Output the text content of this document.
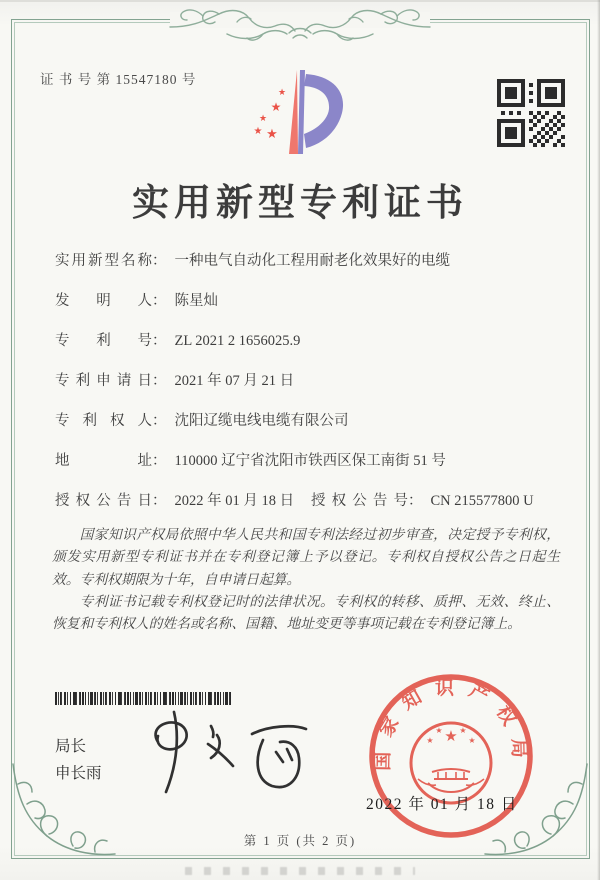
证 书 号 第 15547180 号
★
★
★
★ ★
实用新型专利证书
实 用 新 型 名 称 ： 一种电气自动化工程用耐老化效果好的电缆
发 明 人 ： 陈星灿
专 利 号 ： ZL 2021 2 1656025.9
专 利 申 请 日 ： 2021 年 07 月 21 日
专 利 权 人 ： 沈阳辽缆电线电缆有限公司
地	址 ： 110000 辽宁省沈阳市铁西区保工南街 51 号
授 权 公 告 日 ： 2022 年 01 月 18 日 授 权 公 告 号 ： CN 215577800 U

国家知识产权局依照中华人民共和国专利法经过初步审查，决定授予专利权，颁发实用新型专利证书并在专利登记簿上予以登记。专利权自授权公告之日起生效。专利权期限为十年，自申请日起算。

专利证书记载专利权登记时的法律状况。专利权的转移、质押、无效、终止、恢复和专利权人的姓名或名称、国籍、地址变更等事项记载在专利登记簿上。

局长
申长雨
★
★
★ ★
★
国家知识产权局
2022 年 01 月 18 日
第 1 页 (共 2 页)
